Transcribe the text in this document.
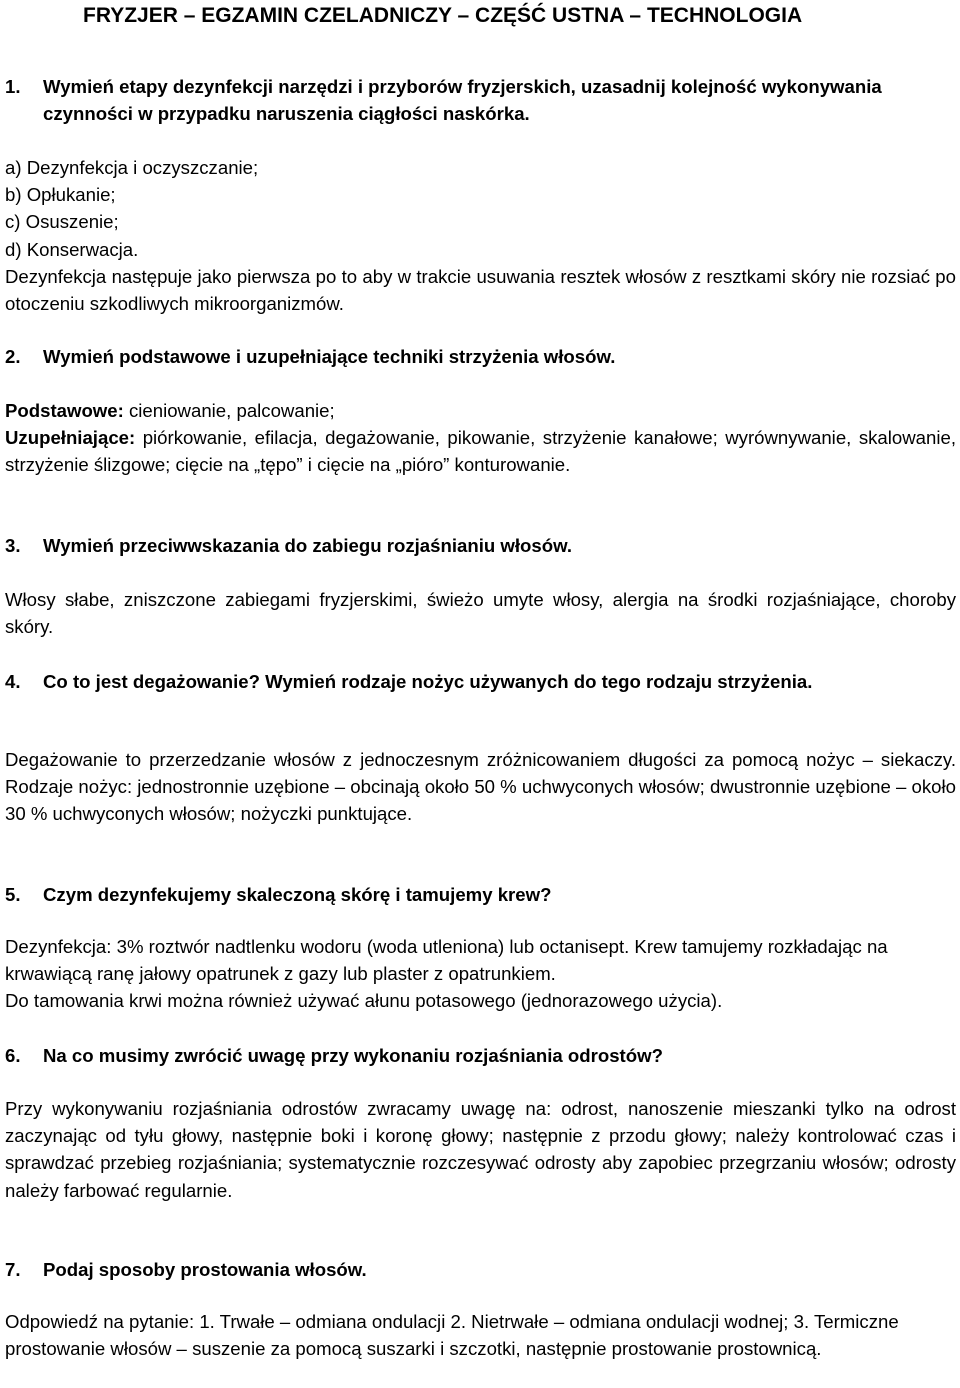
FRYZJER – EGZAMIN CZELADNICZY – CZĘŚĆ USTNA – TECHNOLOGIA
1.	Wymień etapy dezynfekcji narzędzi i przyborów fryzjerskich, uzasadnij kolejność wykonywania czynności w przypadku naruszenia ciągłości naskórka.
a) Dezynfekcja i oczyszczanie;
b) Opłukanie;
c) Osuszenie;
d) Konserwacja.

Dezynfekcja następuje jako pierwsza po to aby w trakcie usuwania resztek włosów z resztkami skóry nie rozsiać po otoczeniu szkodliwych mikroorganizmów.

2.	Wymień podstawowe i uzupełniające techniki strzyżenia włosów.

Podstawowe: cieniowanie, palcowanie;

Uzupełniające: piórkowanie, efilacja, degażowanie, pikowanie, strzyżenie kanałowe; wyrównywanie, skalowanie, strzyżenie ślizgowe; cięcie na „tępo” i cięcie na „pióro” konturowanie.

3.	Wymień przeciwwskazania do zabiegu rozjaśnianiu włosów.

Włosy słabe, zniszczone zabiegami fryzjerskimi, świeżo umyte włosy, alergia na środki rozjaśniające, choroby skóry.

4.	Co to jest degażowanie? Wymień rodzaje nożyc używanych do tego rodzaju strzyżenia.

Degażowanie to przerzedzanie włosów z jednoczesnym zróżnicowaniem długości za pomocą nożyc – siekaczy. Rodzaje nożyc: jednostronnie uzębione – obcinają około 50 % uchwyconych włosów; dwustronnie uzębione – około 30 % uchwyconych włosów; nożyczki punktujące.

5.	Czym dezynfekujemy skaleczoną skórę i tamujemy krew?

Dezynfekcja: 3% roztwór nadtlenku wodoru (woda utleniona) lub octanisept. Krew tamujemy rozkładając na krwawiącą ranę jałowy opatrunek z gazy lub plaster z opatrunkiem.

Do tamowania krwi można również używać ałunu potasowego (jednorazowego użycia).

6.	Na co musimy zwrócić uwagę przy wykonaniu rozjaśniania odrostów?

Przy wykonywaniu rozjaśniania odrostów zwracamy uwagę na: odrost, nanoszenie mieszanki tylko na odrost zaczynając od tyłu głowy, następnie boki i koronę głowy; następnie z przodu głowy; należy kontrolować czas i sprawdzać przebieg rozjaśniania; systematycznie rozczesywać odrosty aby zapobiec przegrzaniu włosów; odrosty należy farbować regularnie.

7.	Podaj sposoby prostowania włosów.

Odpowiedź na pytanie: 1. Trwałe – odmiana ondulacji 2. Nietrwałe – odmiana ondulacji wodnej; 3. Termiczne prostowanie włosów – suszenie za pomocą suszarki i szczotki, następnie prostowanie prostownicą.
